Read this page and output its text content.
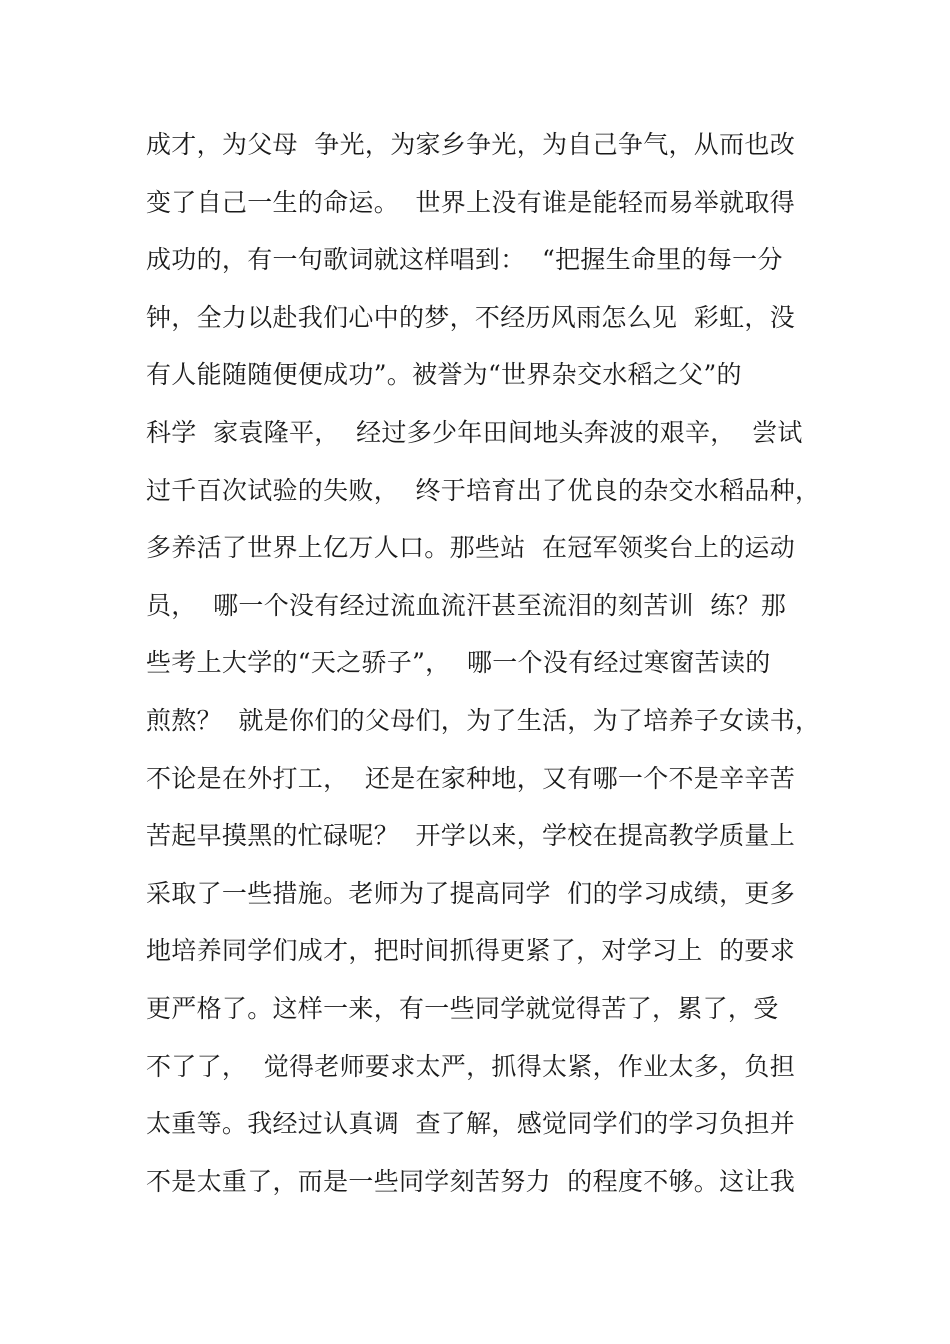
成才，为父母  争光，为家乡争光，为自己争气，从而也改
变了自己一生的命运。  世界上没有谁是能轻而易举就取得
成功的，有一句歌词就这样唱到：  “把握生命里的每一分
钟，全力以赴我们心中的梦，不经历风雨怎么见  彩虹，没
有人能随随便便成功”。被誉为“世界杂交水稻之父”的
科学  家袁隆平，  经过多少年田间地头奔波的艰辛，  尝试
过千百次试验的失败，  终于培育出了优良的杂交水稻品种，
多养活了世界上亿万人口。那些站  在冠军领奖台上的运动
员，  哪一个没有经过流血流汗甚至流泪的刻苦训  练？那
些考上大学的“天之骄子”，  哪一个没有经过寒窗苦读的
煎熬？  就是你们的父母们，为了生活，为了培养子女读书，
不论是在外打工，  还是在家种地，又有哪一个不是辛辛苦
苦起早摸黑的忙碌呢？  开学以来，学校在提高教学质量上
采取了一些措施。老师为了提高同学  们的学习成绩，更多
地培养同学们成才，把时间抓得更紧了，对学习上  的要求
更严格了。这样一来，有一些同学就觉得苦了，累了，受
不了了，  觉得老师要求太严，抓得太紧，作业太多，负担
太重等。我经过认真调  查了解，感觉同学们的学习负担并
不是太重了，而是一些同学刻苦努力  的程度不够。这让我
